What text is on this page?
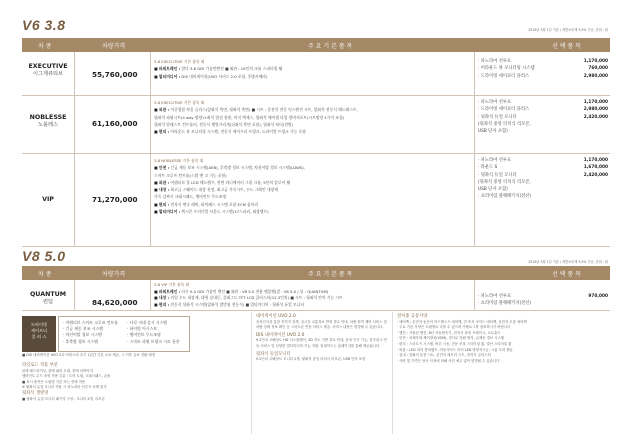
V6 3.8	2016년 3월 1일 기준 / 개별소비세 3.5% 기준, 단위 : 원
차 종	차량가격	주 요 기 본 품 목	선 택 품 목
EXECUTIVE
이그제큐티브	55,760,000
3.8 EXECUTIVE 기본 품목 외
■ 파워트레인 : 람다 3.8 GDI 가솔린엔진 ■ 외관 : 19인치 크롬 스퍼터링 휠
■ 멀티미디어 : DIS 내비게이션(UVO 서비스 2.0 포함, 후방카메라)
· 파노라마 선루프	1,170,000
· 어라운드 뷰 모니터링 시스템	760,000
· 드라이빙 세이프티 플러스	2,980,000
NOBLESSE
노블레스	61,160,000
3.8 EXECUTIVE 기본 품목 외
■ 외관 : 이중접합 차음 글라스(앞좌석 측면, 뒷좌석 측면) ■ 시트 : 운전석 전동 익스텐션 시트, 앞좌석 전동식 헤드레스트,
뒷좌석 파워시트(4 way 방향)+좌석 열선 통풍, 이지 액세스, 뒷좌석 에어셀 타입 럼버서포트(시트방향 1가지 조절)
뒷좌석 암레스트 컨트롤러, 전동식 햇빛가리개(뒤좌석 측면 포함), 뒷좌석 히터(전방)
■ 편의 : 어라운드 뷰 모니터링 시스템, 전동식 세이프티 트렁크, 드라이빙 트렁크 기능 포함
· 파노라마 선루프	1,170,000
· 드라이빙 세이프티 플러스	2,980,000
· 뒷좌석 듀얼 모니터	2,420,000
(뒷좌석 중앙 터치식 리모콘,
USB 단자 포함)
VIP	71,270,000
3.8 NOBLESSE 기본 품목 외
■ 안전 : 긴급 제동 보조 시스템(AEB), 후측방 경보 시스템, 차선이탈 경보 시스템(LDWS),
스마트 크루즈 컨트롤(스탑 앤 고 기능 포함)
■ 외관 : 어댑티브 풀 LED 헤드램프, 전면 라디에이터 그릴 크롬, 9인치 알로이 휠
■ 내장 : 최고급 스웨이드 내장 천정, 최고급 가죽시트, 우드 그레인 내장재
가죽 감싸기 크래시패드, 앰비언트 무드조명
■ 편의 : 전자식 변속 레버, 하이패스 시스템 포함 ECM 룸미러
■ 멀티미디어 : 렉시콘 프리미엄 사운드 시스템(17스피커, 외장앰프)
· 파노라마 선루프	1,170,000
· 라운드 S	1,670,000
· 뒷좌석 듀얼 모니터	2,420,000
(뒷좌석 중앙 터치식 리모콘,
USB 단자 포함)
· 프리미엄 블랙패키지(전선)
V8 5.0	2016년 3월 1일 기준 / 개별소비세 3.5% 기준, 단위 : 원
차 종	차량가격	주 요 기 본 품 목	선 택 품 목
QUANTUM
퀀텀	84,620,000
3.8 VIP 기본 품목 외
■ 파워트레인 : 타우 5.0 GDI 가솔린 엔진 ■ 외관 : V8 5.0 전용 엠블렘(앞 : V8 5.0 / 뒤 : QUANTUM)
■ 내장 : 리얼 우드 내장재, 대형 실내등, 플래그드 TFT LCD 클러스터(12.3인치) ■ 시트 : 뒷좌석 안마 기능 시트
■ 편의 : 전동식 뒤좌석 시스템(앞좌석 발받침 전동식) ■ 멀티미디어 : 뒷좌석 듀얼 모니터
· 파노라마 선루프	970,000
· 프리미엄 블랙패키지(전선)
드라이빙
세이프티
플 러 스
· 어댑티브 스마트 크루즈 컨트롤
· 긴급 제동 보조 시스템
· 차선이탈 경보 시스템
· 후측방 경보 시스템
· 사각 지대 감시 시스템
· 하이빔 어시스트
· 앰비언트 무드조명
· 스마트 파워 트렁크 시트 통풍
■ DIS 내비게이션 UVO 2.0 서비스의 초기 1년간 기본 무료 제공, 그 이후 유료 전환 예정
라일로드 적용 부분
블랙 헤드라이닝, 블랙 필러 트림, 블랙 선바이저
앰비언트 무드 조명 적용 부분 : 도어 트림, 크래시패드, 콘솔
■ 표시 품목은 트림별 기본 또는 선택 적용
※ 뒷좌석 듀얼 모니터 적용 시 파노라마 선루프 선택 불가
뒷좌석 생방영
■ 뒷좌석 듀얼 모니터 패키지 구성 : 모니터 2개, 리모콘
내비게이션 UVO 2.0
음성인식을 통한 목적지 검색, 실시간 교통정보 반영 경로 안내, 차량 원격 제어 서비스 및 차량 상태 정보 확인 등 스마트폰 연동 서비스 제공. 서비스 내용은 변경될 수 있습니다.
DIS 내비게이션 UVO 2.0
9.2인치 고해상도 HD 디스플레이, 3D 지도 기반 경로 안내, 음성 인식 기능, 블루링크 연동 서비스 및 다양한 멀티미디어 기능 지원. 업데이트는 홈페이지를 통해 제공됩니다.
뒷좌석 듀얼모니터
9.2인치 고해상도 모니터 2개, 뒷좌석 중앙 터치식 리모콘, USB 단자 포함
전차종 공통사양
· 에어백 : 운전석·동승석 어드밴스드 에어백, 전·후석 사이드 에어백, 운전석 무릎 에어백
· 주요 기본 사양은 트림별로 다를 수 있으며 카탈로그를 참조하시기 바랍니다
· 엔진 : 가솔린 엔진, 8단 자동변속기, 전자식 파킹 브레이크, 오토홀드
· 안전 : 차체자세 제어장치(VSM), 경사로 밀림 방지, 급제동 경보 시스템
· 편의 : 스마트키 시스템, 버튼 시동, 전동 조절 스티어링 휠, 열선 스티어링 휠
· 외관 : LED 리어 콤비램프, 아웃사이드 미러 LED 방향지시등, 크롬 도어 핸들
· 실내 : 앞좌석 통풍 시트, 운전석 메모리 시트, 전자식 클러스터
· 사양 및 가격은 당사 사정에 의해 사전 예고 없이 변경될 수 있습니다
